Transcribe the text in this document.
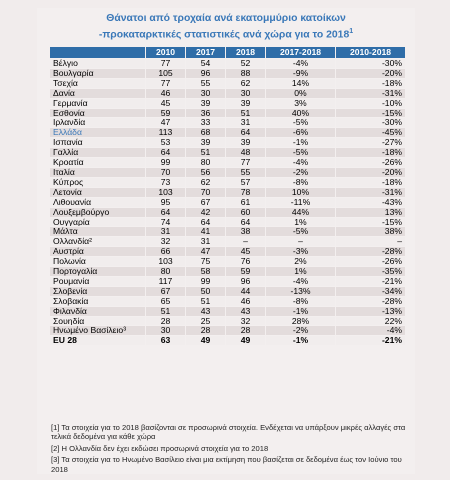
Θάνατοι από τροχαία ανά εκατομμύριο κατοίκων
-προκαταρκτικές στατιστικές ανά χώρα για το 2018$^1$
	2010	2017	2018	2017-2018	2010-2018
Βέλγιο	77	54	52	-4%	-30%
Βουλγαρία	105	96	88	-9%	-20%
Τσεχία	77	55	62	14%	-18%
Δανία	46	30	30	0%	-31%
Γερμανία	45	39	39	3%	-10%
Εσθονία	59	36	51	40%	-15%
Ιρλανδία	47	33	31	-5%	-30%
Ελλάδα	113	68	64	-6%	-45%
Ισπανία	53	39	39	-1%	-27%
Γαλλία	64	51	48	-5%	-18%
Κροατία	99	80	77	-4%	-26%
Ιταλία	70	56	55	-2%	-20%
Κύπρος	73	62	57	-8%	-18%
Λετονία	103	70	78	10%	-31%
Λιθουανία	95	67	61	-11%	-43%
Λουξεμβούργο	64	42	60	44%	13%
Ουγγαρία	74	64	64	1%	-15%
Μάλτα	31	41	38	-5%	38%
Ολλανδία²	32	31	–	–	–
Αυστρία	66	47	45	-3%	-28%
Πολωνία	103	75	76	2%	-26%
Πορτογαλία	80	58	59	1%	-35%
Ρουμανία	117	99	96	-4%	-21%
Σλοβενία	67	50	44	-13%	-34%
Σλοβακία	65	51	46	-8%	-28%
Φιλανδία	51	43	43	-1%	-13%
Σουηδία	28	25	32	28%	22%
Ηνωμένο Βασίλειο³	30	28	28	-2%	-4%
EU 28	63	49	49	-1%	-21%

[1] Τα στοιχεία για το 2018 βασίζονται σε προσωρινά στοιχεία. Ενδέχεται να υπάρξουν μικρές αλλαγές στα τελικά δεδομένα για κάθε χώρα

[2] Η Ολλανδία δεν έχει εκδώσει προσωρινά στοιχεία για το 2018

[3] Τα στοιχεία για το Ηνωμένο Βασίλειο είναι μια εκτίμηση που βασίζεται σε δεδομένα έως τον Ιούνιο του 2018
